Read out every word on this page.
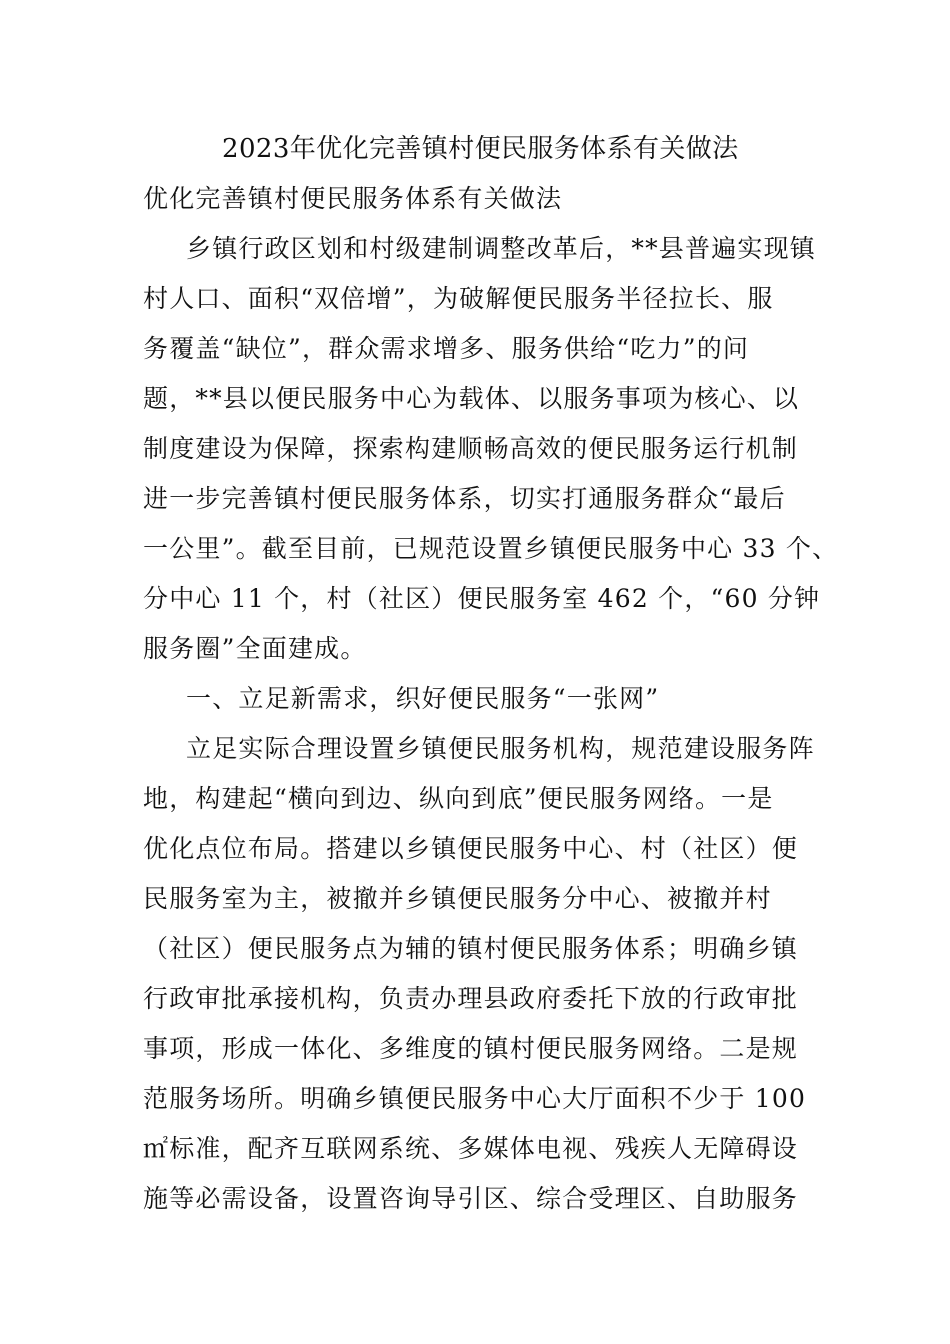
2023年优化完善镇村便民服务体系有关做法
优化完善镇村便民服务体系有关做法
乡镇行政区划和村级建制调整改革后，**县普遍实现镇
村人口、面积“双倍增”，为破解便民服务半径拉长、服
务覆盖“缺位”，群众需求增多、服务供给“吃力”的问
题，**县以便民服务中心为载体、以服务事项为核心、以
制度建设为保障，探索构建顺畅高效的便民服务运行机制
进一步完善镇村便民服务体系，切实打通服务群众“最后
一公里”。截至目前，已规范设置乡镇便民服务中心 33 个、
分中心 11 个，村（社区）便民服务室 462 个，“60 分钟
服务圈”全面建成。
一、立足新需求，织好便民服务“一张网”
立足实际合理设置乡镇便民服务机构，规范建设服务阵
地，构建起“横向到边、纵向到底”便民服务网络。一是
优化点位布局。搭建以乡镇便民服务中心、村（社区）便
民服务室为主，被撤并乡镇便民服务分中心、被撤并村
（社区）便民服务点为辅的镇村便民服务体系；明确乡镇
行政审批承接机构，负责办理县政府委托下放的行政审批
事项，形成一体化、多维度的镇村便民服务网络。二是规
范服务场所。明确乡镇便民服务中心大厅面积不少于 100
㎡标准，配齐互联网系统、多媒体电视、残疾人无障碍设
施等必需设备，设置咨询导引区、综合受理区、自助服务
